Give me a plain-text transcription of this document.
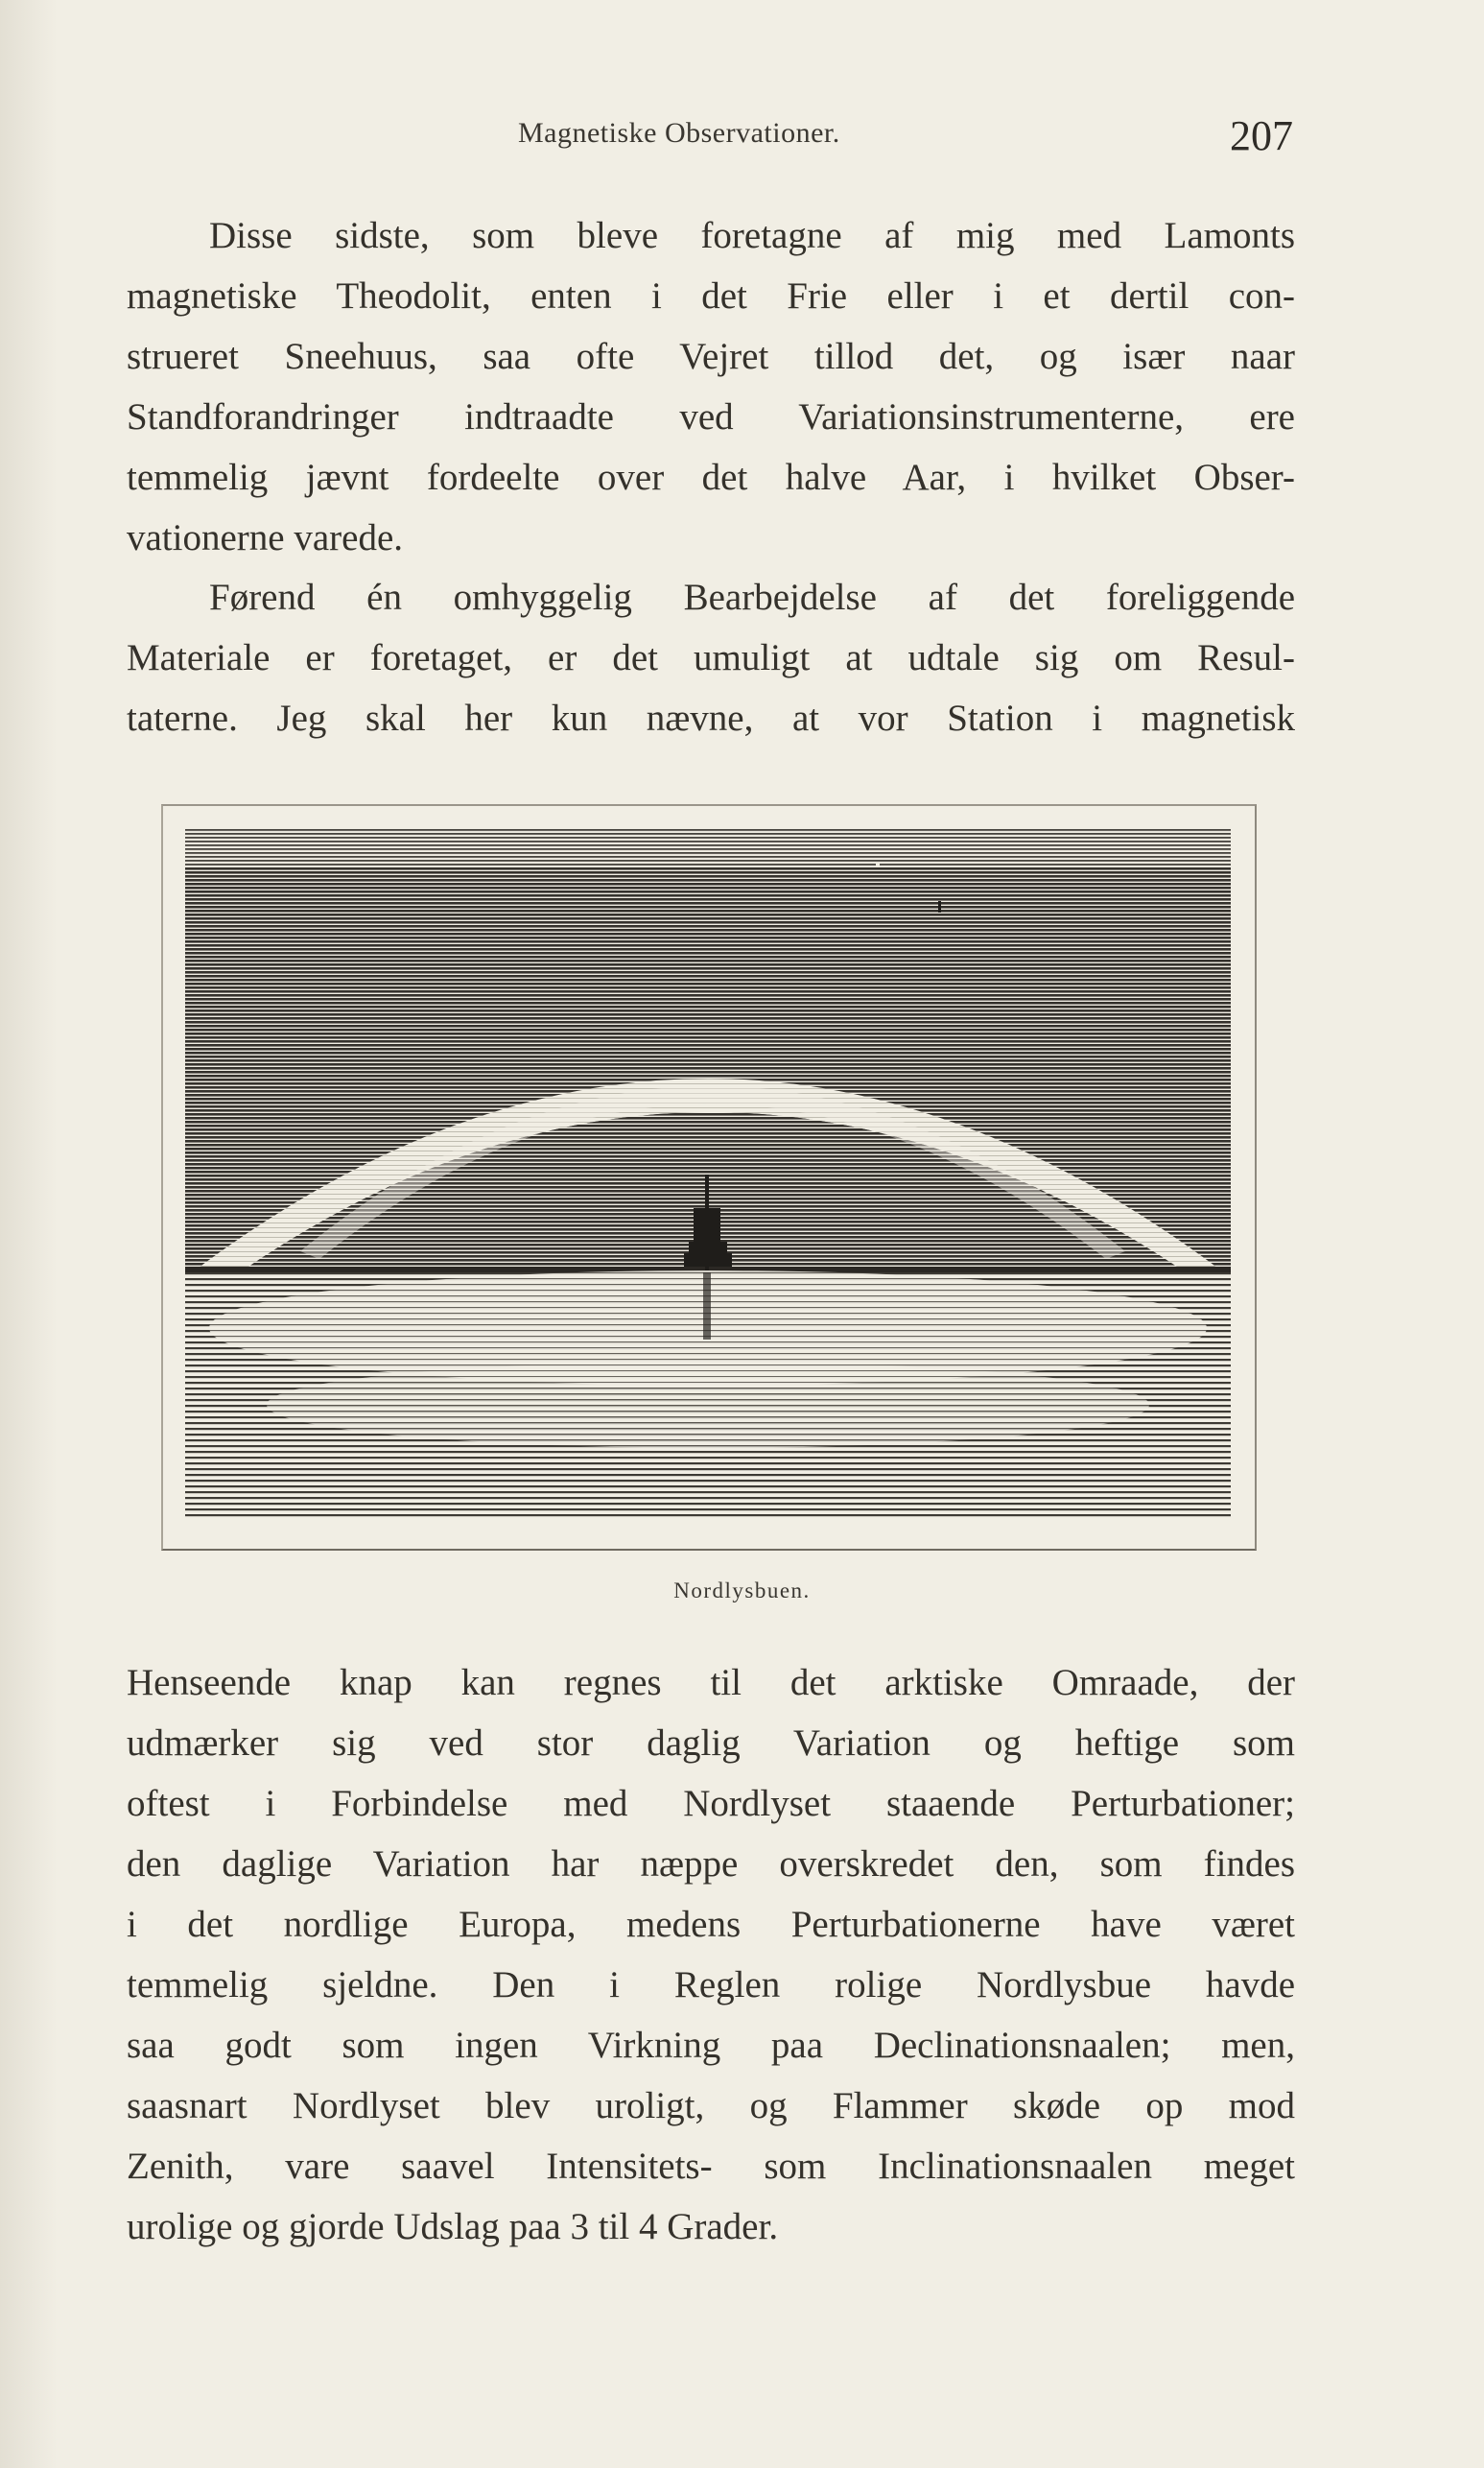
Magnetiske Observationer.	207

Disse sidste, som bleve foretagne af mig med Lamonts
magnetiske Theodolit, enten i det Frie eller i et dertil con-
strueret Sneehuus, saa ofte Vejret tillod det, og især naar
Standforandringer indtraadte ved Variationsinstrumenterne, ere
temmelig jævnt fordeelte over det halve Aar, i hvilket Obser-
vationerne varede.

Førend én omhyggelig Bearbejdelse af det foreliggende
Materiale er foretaget, er det umuligt at udtale sig om Resul-
taterne. Jeg skal her kun nævne, at vor Station i magnetisk

Nordlysbuen.

Henseende knap kan regnes til det arktiske Omraade, der
udmærker sig ved stor daglig Variation og heftige som
oftest i Forbindelse med Nordlyset staaende Perturbationer;
den daglige Variation har næppe overskredet den, som findes
i det nordlige Europa, medens Perturbationerne have været
temmelig sjeldne. Den i Reglen rolige Nordlysbue havde
saa godt som ingen Virkning paa Declinationsnaalen; men,
saasnart Nordlyset blev uroligt, og Flammer skøde op mod
Zenith, vare saavel Intensitets- som Inclinationsnaalen meget
urolige og gjorde Udslag paa 3 til 4 Grader.
